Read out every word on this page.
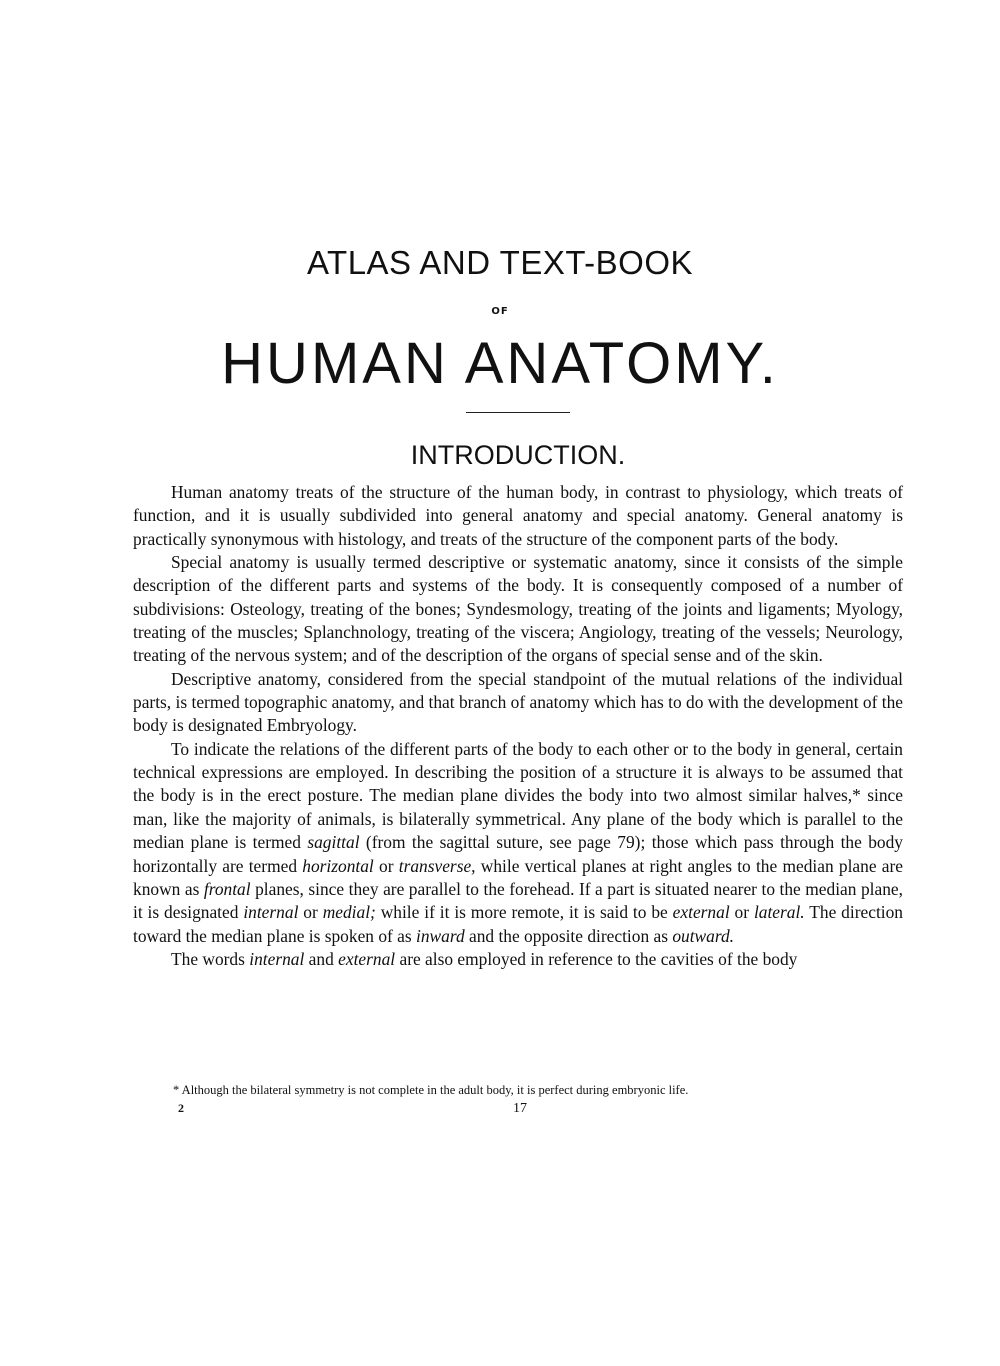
ATLAS AND TEXT-BOOK
OF
HUMAN ANATOMY.
INTRODUCTION.

Human anatomy treats of the structure of the human body, in contrast to physiology, which treats of function, and it is usually subdivided into general anatomy and special anatomy. General anatomy is practically synonymous with histology, and treats of the structure of the component parts of the body.

Special anatomy is usually termed descriptive or systematic anatomy, since it consists of the simple description of the different parts and systems of the body. It is consequently composed of a number of subdivisions: Osteology, treating of the bones; Syndesmology, treating of the joints and ligaments; Myology, treating of the muscles; Splanchnology, treating of the viscera; Angiology, treating of the vessels; Neurology, treating of the nervous system; and of the description of the organs of special sense and of the skin.

Descriptive anatomy, considered from the special standpoint of the mutual relations of the individual parts, is termed topographic anatomy, and that branch of anatomy which has to do with the development of the body is designated Embryology.

To indicate the relations of the different parts of the body to each other or to the body in general, certain technical expressions are employed. In describing the position of a structure it is always to be assumed that the body is in the erect posture. The median plane divides the body into two almost similar halves,* since man, like the majority of animals, is bilaterally symmetrical. Any plane of the body which is parallel to the median plane is termed sagittal (from the sagittal suture, see page 79); those which pass through the body horizontally are termed horizontal or transverse, while vertical planes at right angles to the median plane are known as frontal planes, since they are parallel to the forehead. If a part is situated nearer to the median plane, it is designated internal or medial; while if it is more remote, it is said to be external or lateral. The direction toward the median plane is spoken of as inward and the opposite direction as outward.

The words internal and external are also employed in reference to the cavities of the body

* Although the bilateral symmetry is not complete in the adult body, it is perfect during embryonic life.
2	17
